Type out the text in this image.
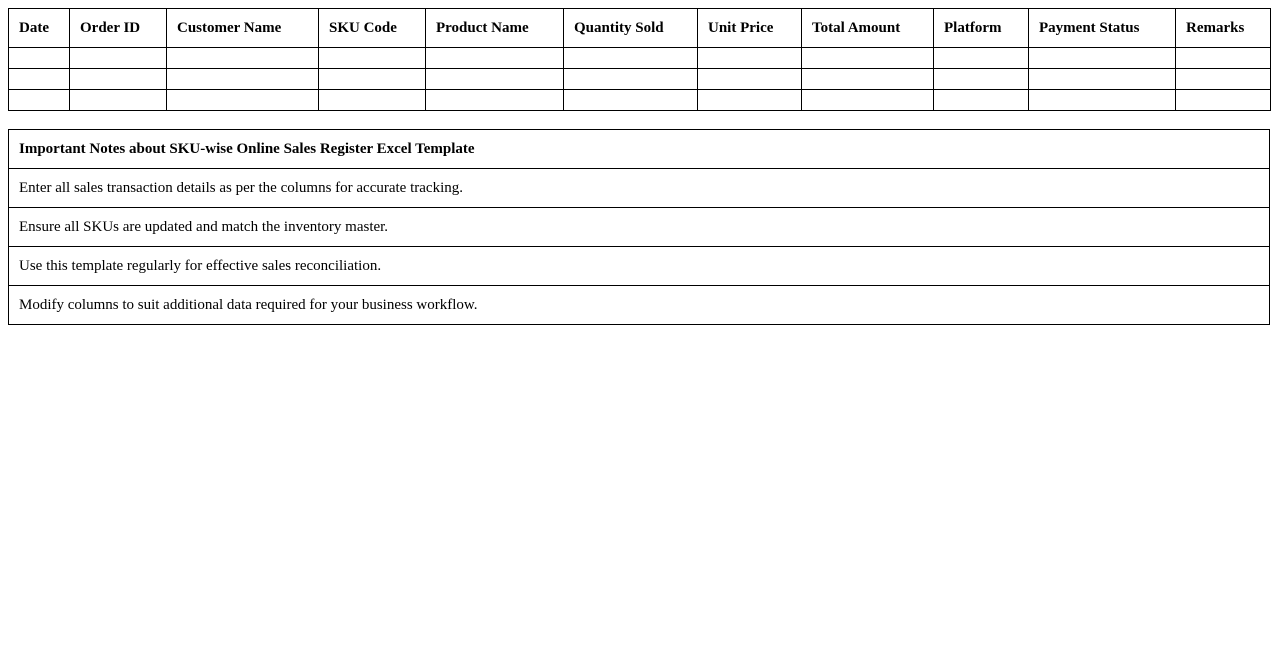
Date	Order ID	Customer Name	SKU Code	Product Name	Quantity Sold	Unit Price	Total Amount	Platform	Payment Status	Remarks

Important Notes about SKU-wise Online Sales Register Excel Template
Enter all sales transaction details as per the columns for accurate tracking.
Ensure all SKUs are updated and match the inventory master.
Use this template regularly for effective sales reconciliation.
Modify columns to suit additional data required for your business workflow.
